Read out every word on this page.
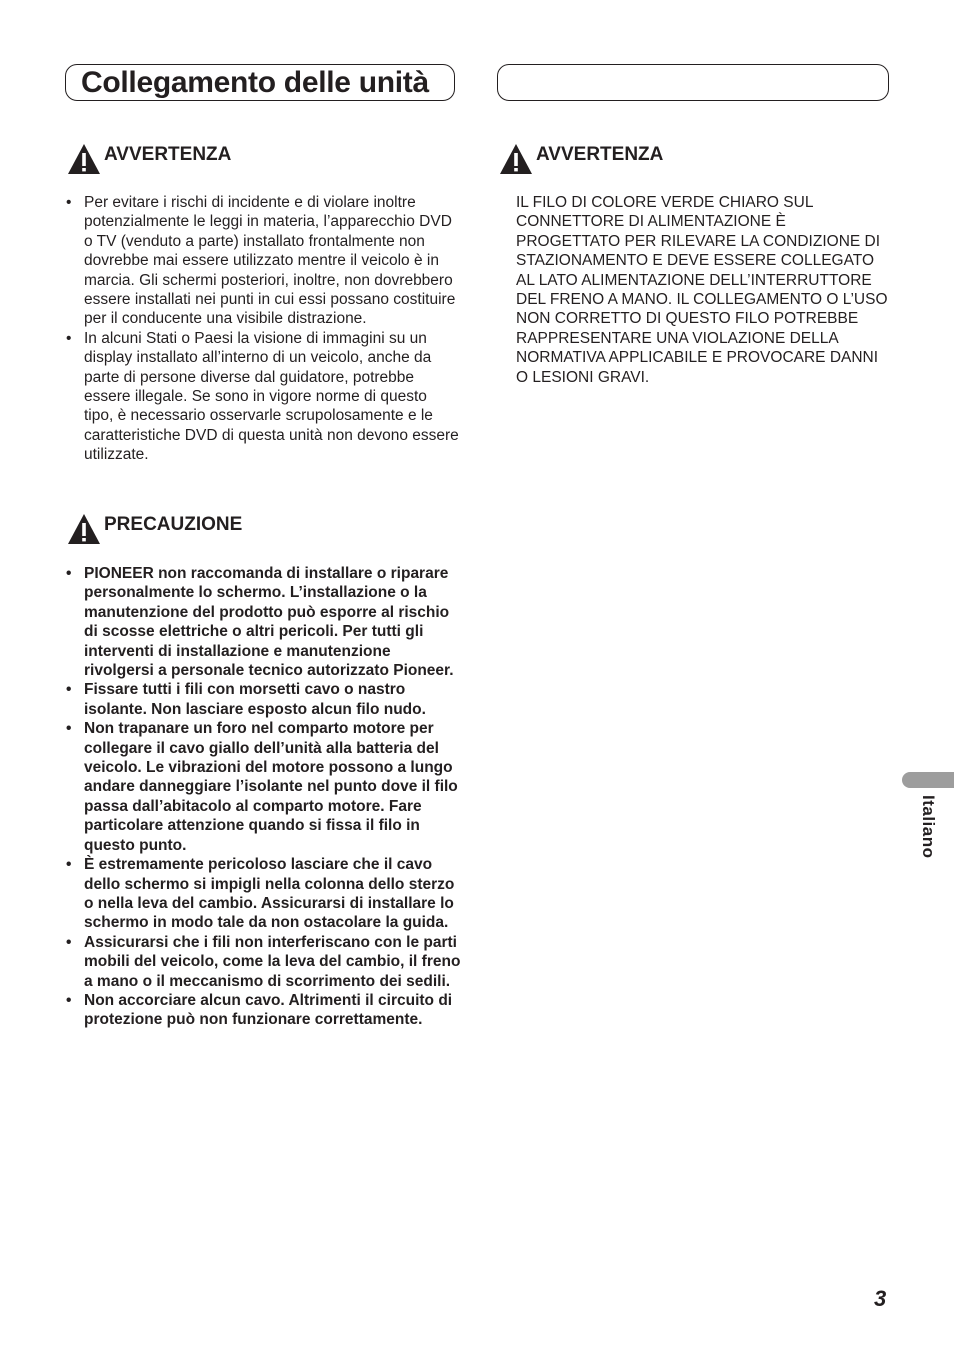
Collegamento delle unità
AVVERTENZA
• Per evitare i rischi di incidente e di violare inoltre potenzialmente le leggi in materia, l’apparecchio DVD o TV (venduto a parte) installato frontalmente non dovrebbe mai essere utilizzato mentre il veicolo è in marcia. Gli schermi posteriori, inoltre, non dovrebbero essere installati nei punti in cui essi possano costituire per il conducente una visibile distrazione.
• In alcuni Stati o Paesi la visione di immagini su un display installato all’interno di un veicolo, anche da parte di persone diverse dal guidatore, potrebbe essere illegale. Se sono in vigore norme di questo tipo, è necessario osservarle scrupolosamente e le caratteristiche DVD di questa unità non devono essere utilizzate.
PRECAUZIONE
• PIONEER non raccomanda di installare o riparare personalmente lo schermo. L’installazione o la manutenzione del prodotto può esporre al rischio di scosse elettriche o altri pericoli. Per tutti gli interventi di installazione e manutenzione rivolgersi a personale tecnico autorizzato Pioneer.
• Fissare tutti i fili con morsetti cavo o nastro isolante. Non lasciare esposto alcun filo nudo.
• Non trapanare un foro nel comparto motore per collegare il cavo giallo dell’unità alla batteria del veicolo. Le vibrazioni del motore possono a lungo andare danneggiare l’isolante nel punto dove il filo passa dall’abitacolo al comparto motore. Fare particolare attenzione quando si fissa il filo in questo punto.
• È estremamente pericoloso lasciare che il cavo dello schermo si impigli nella colonna dello sterzo o nella leva del cambio. Assicurarsi di installare lo schermo in modo tale da non ostacolare la guida.
• Assicurarsi che i fili non interferiscano con le parti mobili del veicolo, come la leva del cambio, il freno a mano o il meccanismo di scorrimento dei sedili.
• Non accorciare alcun cavo. Altrimenti il circuito di protezione può non funzionare correttamente.
AVVERTENZA

IL FILO DI COLORE VERDE CHIARO SUL CONNETTORE DI ALIMENTAZIONE È PROGETTATO PER RILEVARE LA CONDIZIONE DI STAZIONAMENTO E DEVE ESSERE COLLEGATO AL LATO ALIMENTAZIONE DELL’INTERRUTTORE DEL FRENO A MANO. IL COLLEGAMENTO O L’USO NON CORRETTO DI QUESTO FILO POTREBBE RAPPRESENTARE UNA VIOLAZIONE DELLA NORMATIVA APPLICABILE E PROVOCARE DANNI O LESIONI GRAVI.

Italiano
3
